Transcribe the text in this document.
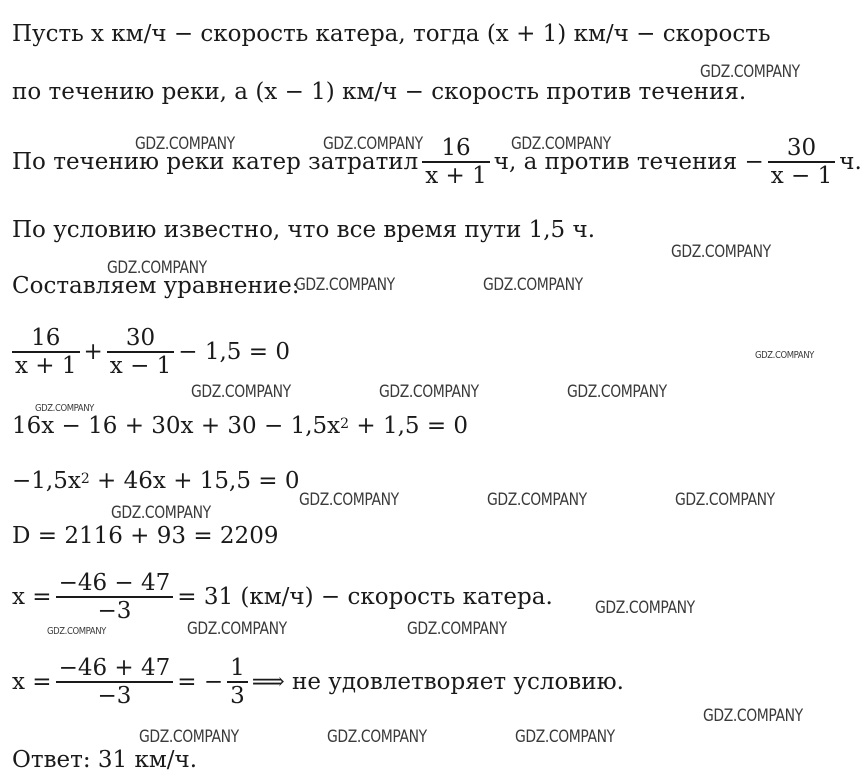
Пусть x км/ч − скорость катера, тогда (x + 1) км/ч − скорость
по течению реки, а (x − 1) км/ч − скорость против течения.
По течению реки катер затратил $\frac{16}{x + 1} ч$, а против течения − $\frac{30}{x - 1} ч$.
По условию известно, что все время пути 1,5 ч.
Составляем уравнение:
$\frac{16}{x + 1} + \frac{30}{x - 1} - 1,5 = 0$
$16x - 16 + 30x + 30 - 1,5x^2 + 1,5 = 0$
$-1,5x^2 + 46x + 15,5 = 0$
D = 2116 + 93 = 2209
$x = \frac{-46 - 47}{-3} = 31$ (км/ч) − скорость катера.
$x = \frac{-46 + 47}{-3}$ = − $\frac{1}{3}$ ⟹ не удовлетворяет условию.
Ответ: 31 км/ч.
GDZ.COMPANY
GDZ.COMPANY	GDZ.COMPANY	GDZ.COMPANY
GDZ.COMPANY
GDZ.COMPANY
GDZ.COMPANY	GDZ.COMPANY
GDZ.COMPANY
GDZ.COMPANY	GDZ.COMPANY	GDZ.COMPANY
GDZ.COMPANY
GDZ.COMPANY	GDZ.COMPANY	GDZ.COMPANY
GDZ.COMPANY
GDZ.COMPANY
GDZ.COMPANY	GDZ.COMPANY	GDZ.COMPANY
GDZ.COMPANY
GDZ.COMPANY	GDZ.COMPANY	GDZ.COMPANY
